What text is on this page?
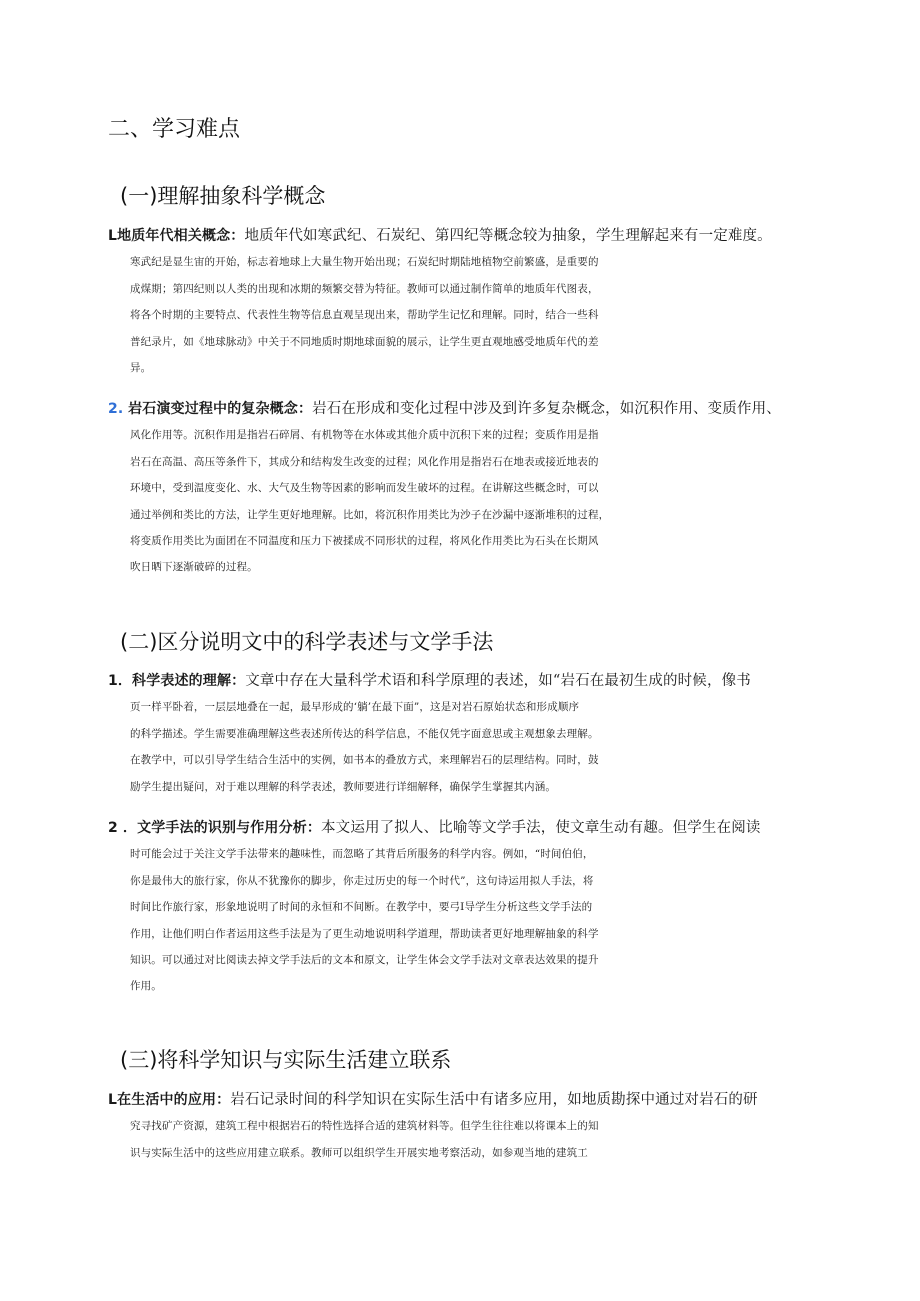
二、学习难点
(一)理解抽象科学概念
L地质年代相关概念：地质年代如寒武纪、石炭纪、第四纪等概念较为抽象，学生理解起来有一定难度。
寒武纪是显生宙的开始，标志着地球上大量生物开始出现；石炭纪时期陆地植物空前繁盛，是重要的
成煤期；第四纪则以人类的出现和冰期的频繁交替为特征。教师可以通过制作简单的地质年代图表，
将各个时期的主要特点、代表性生物等信息直观呈现出来，帮助学生记忆和理解。同时，结合一些科
普纪录片，如《地球脉动》中关于不同地质时期地球面貌的展示，让学生更直观地感受地质年代的差
异。
2. 岩石演变过程中的复杂概念：岩石在形成和变化过程中涉及到许多复杂概念，如沉积作用、变质作用、
风化作用等。沉积作用是指岩石碎屑、有机物等在水体或其他介质中沉积下来的过程；变质作用是指
岩石在高温、高压等条件下，其成分和结构发生改变的过程；风化作用是指岩石在地表或接近地表的
环境中，受到温度变化、水、大气及生物等因素的影响而发生破坏的过程。在讲解这些概念时，可以
通过举例和类比的方法，让学生更好地理解。比如，将沉积作用类比为沙子在沙漏中逐渐堆积的过程，
将变质作用类比为面团在不同温度和压力下被揉成不同形状的过程，将风化作用类比为石头在长期风
吹日晒下逐渐破碎的过程。
(二)区分说明文中的科学表述与文学手法
1．科学表述的理解：文章中存在大量科学术语和科学原理的表述，如“岩石在最初生成的时候，像书
页一样平卧着，一层层地叠在一起，最早形成的‘躺’在最下面”，这是对岩石原始状态和形成顺序
的科学描述。学生需要准确理解这些表述所传达的科学信息，不能仅凭字面意思或主观想象去理解。
在教学中，可以引导学生结合生活中的实例，如书本的叠放方式，来理解岩石的层理结构。同时，鼓
励学生提出疑问，对于难以理解的科学表述，教师要进行详细解释，确保学生掌握其内涵。
2 ．文学手法的识别与作用分析：本文运用了拟人、比喻等文学手法，使文章生动有趣。但学生在阅读
时可能会过于关注文学手法带来的趣味性，而忽略了其背后所服务的科学内容。例如，“时间伯伯，
你是最伟大的旅行家，你从不犹豫你的脚步，你走过历史的每一个时代”，这句诗运用拟人手法，将
时间比作旅行家，形象地说明了时间的永恒和不间断。在教学中，要弓I导学生分析这些文学手法的
作用，让他们明白作者运用这些手法是为了更生动地说明科学道理，帮助读者更好地理解抽象的科学
知识。可以通过对比阅读去掉文学手法后的文本和原文，让学生体会文学手法对文章表达效果的提升
作用。
(三)将科学知识与实际生活建立联系
L在生活中的应用：岩石记录时间的科学知识在实际生活中有诸多应用，如地质勘探中通过对岩石的研
究寻找矿产资源，建筑工程中根据岩石的特性选择合适的建筑材料等。但学生往往难以将课本上的知
识与实际生活中的这些应用建立联系。教师可以组织学生开展实地考察活动，如参观当地的建筑工
